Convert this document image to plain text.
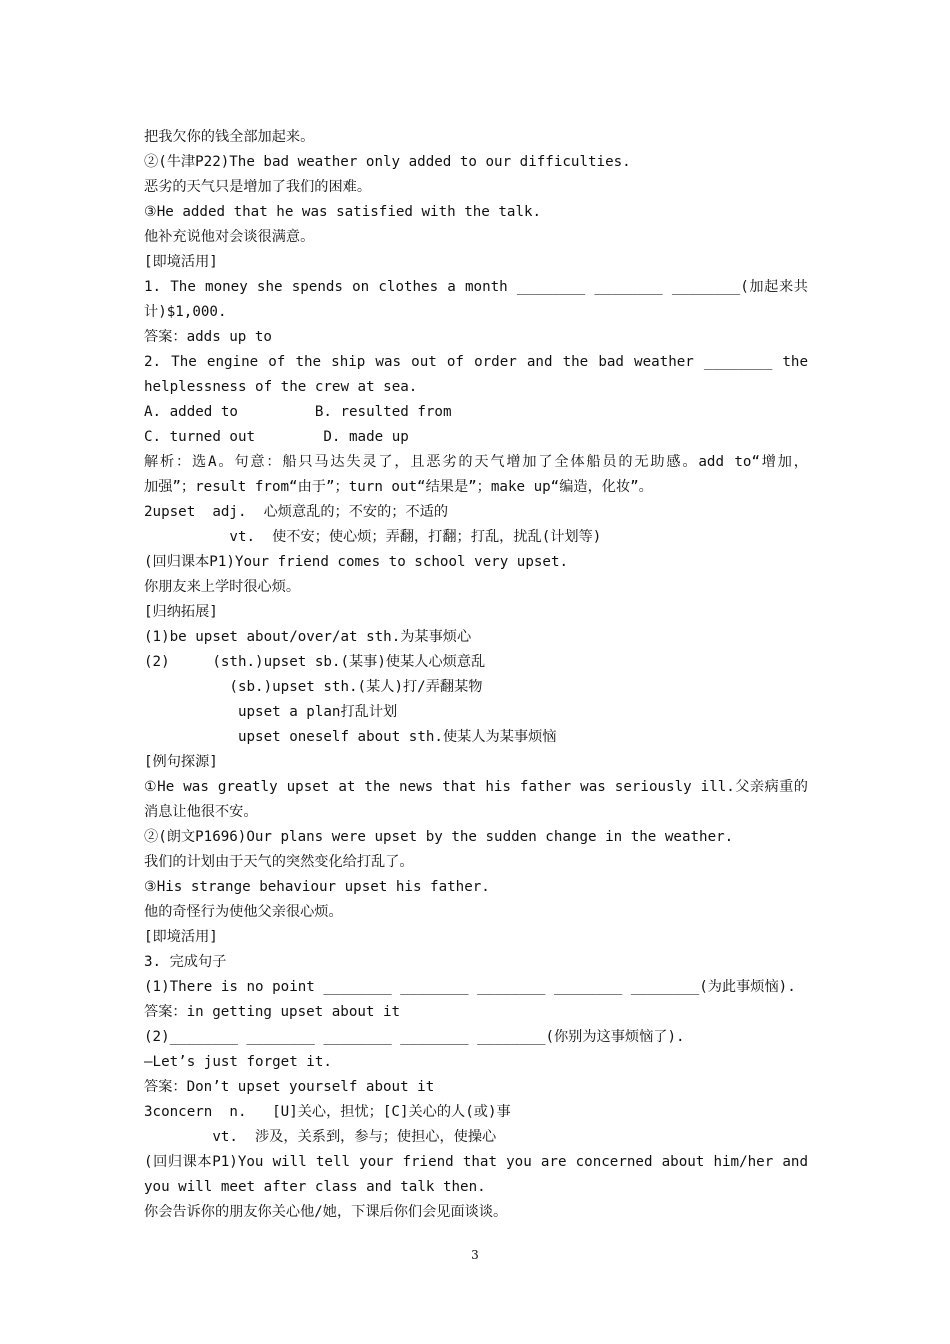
把我欠你的钱全部加起来。
②(牛津P22)The bad weather only added to our difficulties.
恶劣的天气只是增加了我们的困难。
③He added that he was satisfied with the talk.
他补充说他对会谈很满意。
[即境活用]
1. The money she spends on clothes a month ________ ________ ________(加起来共
计)$1,000.
答案：adds up to
2. The engine of the ship was out of order and the bad weather ________ the
helplessness of the crew at sea.
A. added to         B. resulted from
C. turned out        D. made up
解析：选A。句意：船只马达失灵了，且恶劣的天气增加了全体船员的无助感。add to“增加，
加强”；result from“由于”；turn out“结果是”；make up“编造，化妆”。
2upset  adj.  心烦意乱的；不安的；不适的
vt.  使不安；使心烦；弄翻，打翻；打乱，扰乱(计划等)
(回归课本P1)Your friend comes to school very upset.
你朋友来上学时很心烦。
[归纳拓展]
(1)be upset about/over/at sth.为某事烦心
(2)     (sth.)upset sb.(某事)使某人心烦意乱
(sb.)upset sth.(某人)打/弄翻某物
upset a plan打乱计划
upset oneself about sth.使某人为某事烦恼
[例句探源]
①He was greatly upset at the news that his father was seriously ill.父亲病重的
消息让他很不安。
②(朗文P1696)Our plans were upset by the sudden change in the weather.
我们的计划由于天气的突然变化给打乱了。
③His strange behaviour upset his father.
他的奇怪行为使他父亲很心烦。
[即境活用]
3. 完成句子
(1)There is no point ________ ________ ________ ________ ________(为此事烦恼).
答案：in getting upset about it
(2)________ ________ ________ ________ ________(你别为这事烦恼了).
—Let’s just forget it.
答案：Don’t upset yourself about it
3concern  n.   [U]关心，担忧；[C]关心的人(或)事
vt.  涉及，关系到，参与；使担心，使操心
(回归课本P1)You will tell your friend that you are concerned about him/her and
you will meet after class and talk then.
你会告诉你的朋友你关心他/她，下课后你们会见面谈谈。
3
